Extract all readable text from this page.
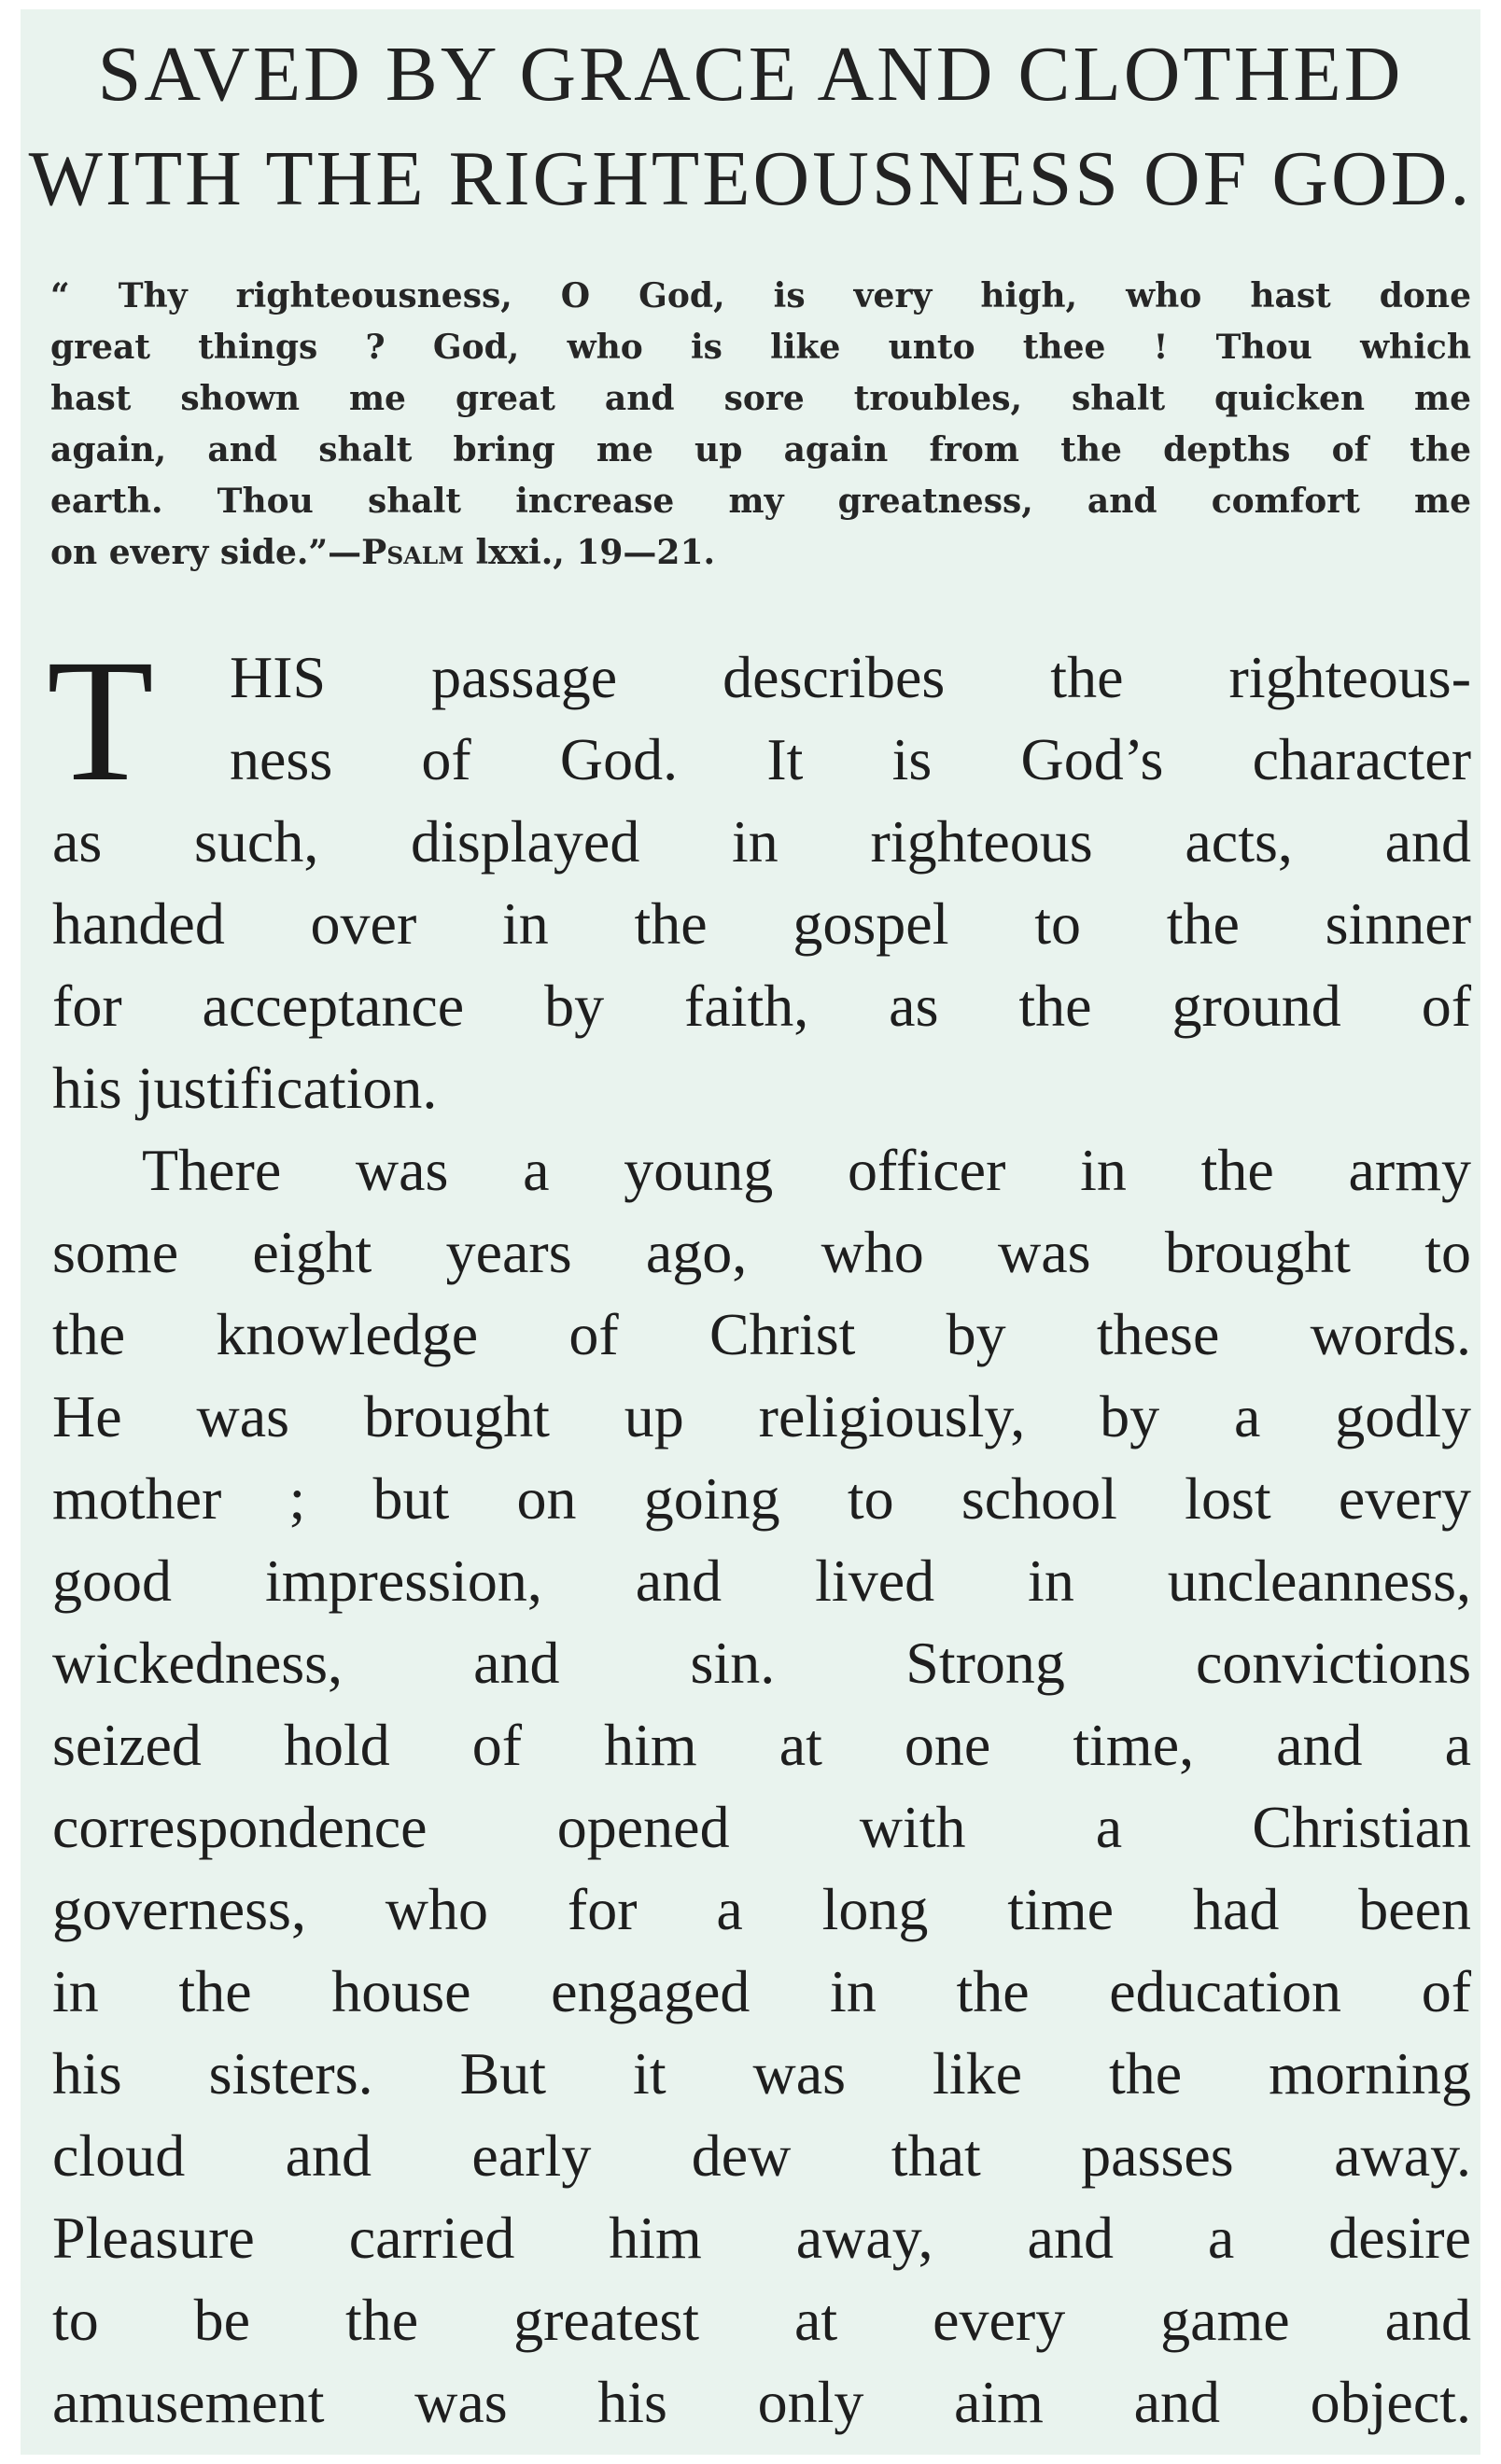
SAVED BY GRACE AND CLOTHED
WITH THE RIGHTEOUSNESS OF GOD.
“ Thy righteousness, O God, is very high, who hast done
great things ? God, who is like unto thee ! Thou which
hast shown me great and sore troubles, shalt quicken me
again, and shalt bring me up again from the depths of the
earth. Thou shalt increase my greatness, and comfort me
on every side.”—Psalm lxxi., 19—21.
T	HIS passage describes the righteous-
ness of God. It is God’s character
as such, displayed in righteous acts, and
handed over in the gospel to the sinner
for acceptance by faith, as the ground of
his justification.
There was a young officer in the army
some eight years ago, who was brought to
the knowledge of Christ by these words.
He was brought up religiously, by a godly
mother ; but on going to school lost every
good impression, and lived in uncleanness,
wickedness, and sin. Strong convictions
seized hold of him at one time, and a
correspondence opened with a Christian
governess, who for a long time had been
in the house engaged in the education of
his sisters. But it was like the morning
cloud and early dew that passes away.
Pleasure carried him away, and a desire
to be the greatest at every game and
amusement was his only aim and object.
